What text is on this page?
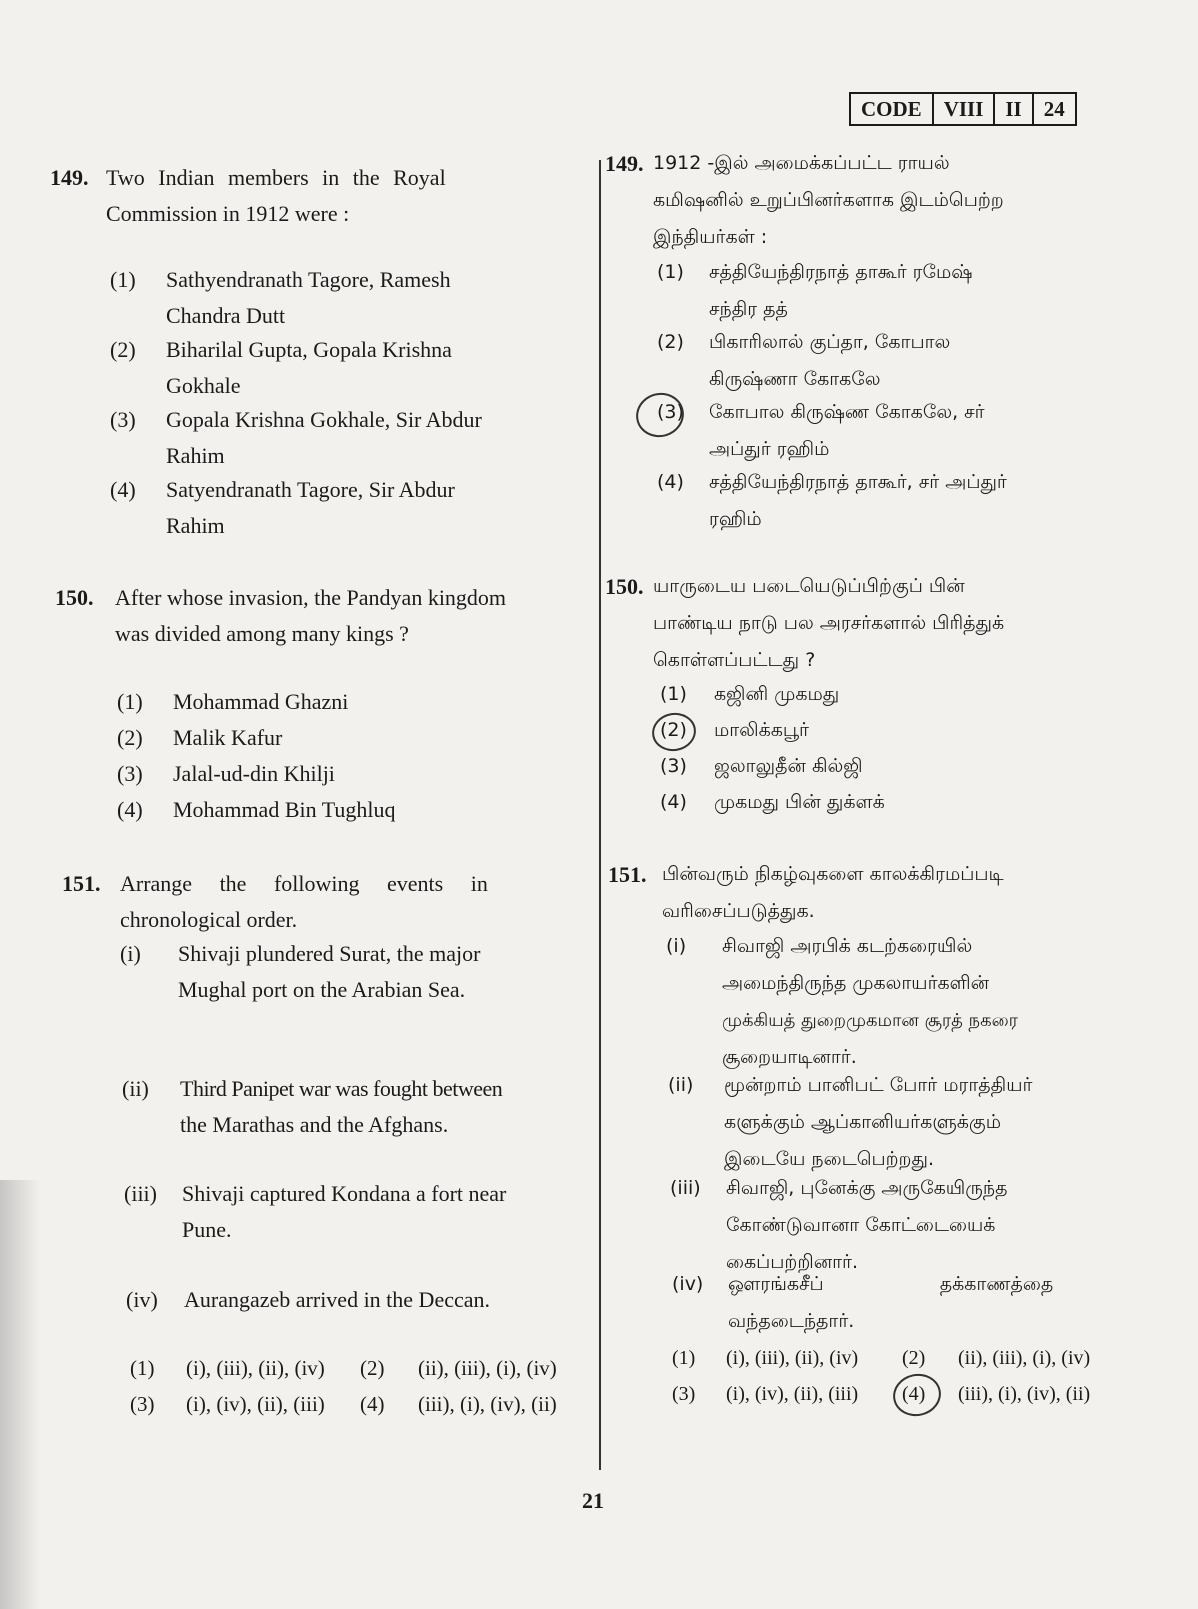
CODE	VIII	II	24
149. Two Indian members in the Royal
Commission in 1912 were :
(1) Sathyendranath Tagore, Ramesh
Chandra Dutt
(2) Biharilal Gupta, Gopala Krishna
Gokhale
(3) Gopala Krishna Gokhale, Sir Abdur
Rahim
(4) Satyendranath Tagore, Sir Abdur
Rahim
150. After whose invasion, the Pandyan kingdom
was divided among many kings ?
(1) Mohammad Ghazni
(2) Malik Kafur
(3) Jalal-ud-din Khilji
(4) Mohammad Bin Tughluq
151. Arrange the following events in
chronological order.
(i) Shivaji plundered Surat, the major
Mughal port on the Arabian Sea.
(ii) Third Panipet war was fought between
the Marathas and the Afghans.
(iii) Shivaji captured Kondana a fort near
Pune.
(iv) Aurangazeb arrived in the Deccan.
(1) (i), (iii), (ii), (iv) (2) (ii), (iii), (i), (iv)
(3) (i), (iv), (ii), (iii) (4) (iii), (i), (iv), (ii)
149. 1912 -இல் அமைக்கப்பட்ட ராயல்
கமிஷனில் உறுப்பினர்களாக இடம்பெற்ற
இந்தியர்கள் :
(1) சத்தியேந்திரநாத் தாகூர் ரமேஷ்
சந்திர தத்
(2) பிகாரிலால் குப்தா, கோபால
கிருஷ்ணா கோகலே
(3) கோபால கிருஷ்ண கோகலே, சர்
அப்துர் ரஹிம்
(4) சத்தியேந்திரநாத் தாகூர், சர் அப்துர்
ரஹிம்
150. யாருடைய படையெடுப்பிற்குப் பின்
பாண்டிய நாடு பல அரசர்களால் பிரித்துக்
கொள்ளப்பட்டது ?
(1) கஜினி முகமது
(2) மாலிக்கபூர்
(3) ஜலாலுதீன் கில்ஜி
(4) முகமது பின் துக்ளக்
151. பின்வரும் நிகழ்வுகளை காலக்கிரமப்படி
வரிசைப்படுத்துக.
(i) சிவாஜி அரபிக் கடற்கரையில்
அமைந்திருந்த முகலாயர்களின்
முக்கியத் துறைமுகமான சூரத் நகரை
சூறையாடினார்.
(ii) மூன்றாம் பானிபட் போர் மராத்தியர்
களுக்கும் ஆப்கானியர்களுக்கும்
இடையே நடைபெற்றது.
(iii) சிவாஜி, புனேக்கு அருகேயிருந்த
கோண்டுவானா கோட்டையைக்
கைப்பற்றினார்.
(iv) ஔரங்கசீப் தக்காணத்தை
வந்தடைந்தார்.
(1) (i), (iii), (ii), (iv) (2) (ii), (iii), (i), (iv)
(3) (i), (iv), (ii), (iii) (4) (iii), (i), (iv), (ii)
21
